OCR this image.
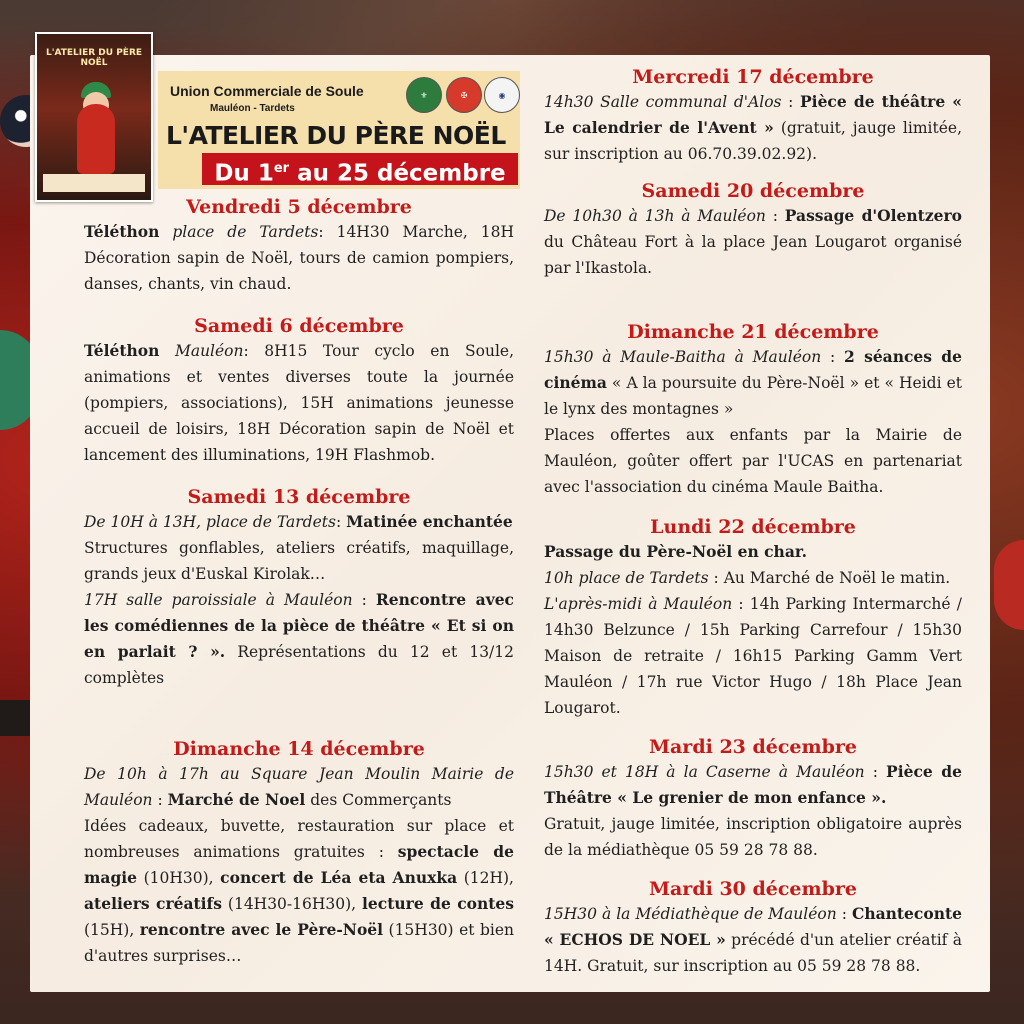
Vendredi 5 décembre
Téléthon place de Tardets: 14H30 Marche, 18H Décoration sapin de Noël, tours de camion pompiers, danses, chants, vin chaud.
Samedi 6 décembre
Téléthon Mauléon: 8H15 Tour cyclo en Soule, animations et ventes diverses toute la journée (pompiers, associations), 15H animations jeunesse accueil de loisirs, 18H Décoration sapin de Noël et lancement des illuminations, 19H Flashmob.
Samedi 13 décembre
De 10H à 13H, place de Tardets: Matinée enchantée
Structures gonflables, ateliers créatifs, maquillage, grands jeux d'Euskal Kirolak…
17H salle paroissiale à Mauléon : Rencontre avec les comédiennes de la pièce de théâtre « Et si on en parlait ? ». Représentations du 12 et 13/12 complètes
Dimanche 14 décembre
De 10h à 17h au Square Jean Moulin Mairie de Mauléon : Marché de Noel des Commerçants
Idées cadeaux, buvette, restauration sur place et nombreuses animations gratuites : spectacle de magie (10H30), concert de Léa eta Anuxka (12H), ateliers créatifs (14H30-16H30), lecture de contes (15H), rencontre avec le Père-Noël (15H30) et bien d'autres surprises…
Mercredi 17 décembre
14h30 Salle communal d'Alos : Pièce de théâtre « Le calendrier de l'Avent » (gratuit, jauge limitée, sur inscription au 06.70.39.02.92).
Samedi 20 décembre
De 10h30 à 13h à Mauléon : Passage d'Olentzero du Château Fort à la place Jean Lougarot organisé par l'Ikastola.
Dimanche 21 décembre
15h30 à Maule-Baitha à Mauléon : 2 séances de cinéma « A la poursuite du Père-Noël » et « Heidi et le lynx des montagnes »
Places offertes aux enfants par la Mairie de Mauléon, goûter offert par l'UCAS en partenariat avec l'association du cinéma Maule Baitha.
Lundi 22 décembre
Passage du Père-Noël en char.
10h place de Tardets : Au Marché de Noël le matin.
L'après-midi à Mauléon : 14h Parking Intermarché / 14h30 Belzunce / 15h Parking Carrefour / 15h30 Maison de retraite / 16h15 Parking Gamm Vert Mauléon / 17h rue Victor Hugo / 18h Place Jean Lougarot.
Mardi 23 décembre
15h30 et 18H à la Caserne à Mauléon : Pièce de Théâtre « Le grenier de mon enfance ».
Gratuit, jauge limitée, inscription obligatoire auprès de la médiathèque 05 59 28 78 88.
Mardi 30 décembre
15H30 à la Médiathèque de Mauléon : Chanteconte « ECHOS DE NOEL » précédé d'un atelier créatif à 14H. Gratuit, sur inscription au 05 59 28 78 88.
L'ATELIER DU PÈRE NOËL
Union Commerciale de Soule
Mauléon - Tardets
⚜	✠	◉
L'ATELIER DU PÈRE NOËL
Du 1er au 25 décembre
